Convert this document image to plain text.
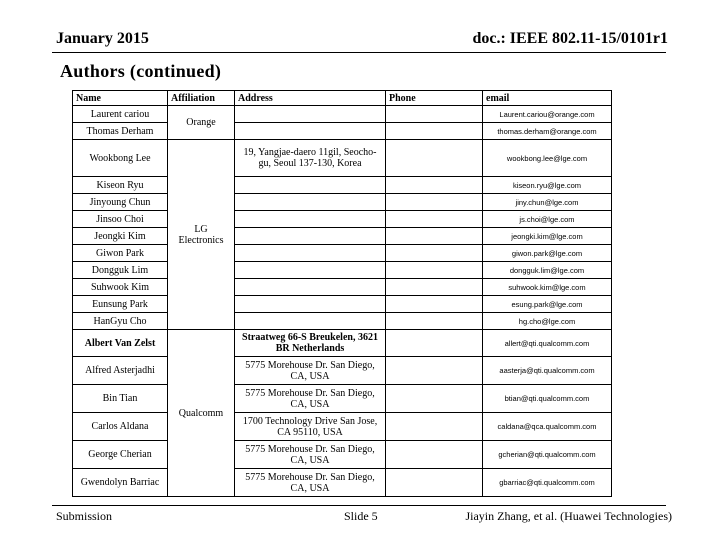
January 2015	doc.: IEEE 802.11-15/0101r1
Authors (continued)
Name	Affiliation	Address	Phone	email
Laurent cariou	Orange			Laurent.cariou@orange.com
Thomas Derham				thomas.derham@orange.com
Wookbong Lee	LG Electronics	19, Yangjae-daero 11gil, Seocho-gu, Seoul 137-130, Korea		wookbong.lee@lge.com
Kiseon Ryu				kiseon.ryu@lge.com
Jinyoung Chun				jiny.chun@lge.com
Jinsoo Choi				js.choi@lge.com
Jeongki Kim				jeongki.kim@lge.com
Giwon Park				giwon.park@lge.com
Dongguk Lim				dongguk.lim@lge.com
Suhwook Kim				suhwook.kim@lge.com
Eunsung Park				esung.park@lge.com
HanGyu Cho				hg.cho@lge.com
Albert Van Zelst	Qualcomm	Straatweg 66-S Breukelen, 3621 BR Netherlands		allert@qti.qualcomm.com
Alfred Asterjadhi		5775 Morehouse Dr. San Diego, CA, USA		aasterja@qti.qualcomm.com
Bin Tian		5775 Morehouse Dr. San Diego, CA, USA		btian@qti.qualcomm.com
Carlos Aldana		1700 Technology Drive San Jose, CA 95110, USA		caldana@qca.qualcomm.com
George Cherian		5775 Morehouse Dr. San Diego, CA, USA		gcherian@qti.qualcomm.com
Gwendolyn Barriac		5775 Morehouse Dr. San Diego, CA, USA		gbarriac@qti.qualcomm.com
Submission	Slide 5	Jiayin Zhang, et al. (Huawei Technologies)
